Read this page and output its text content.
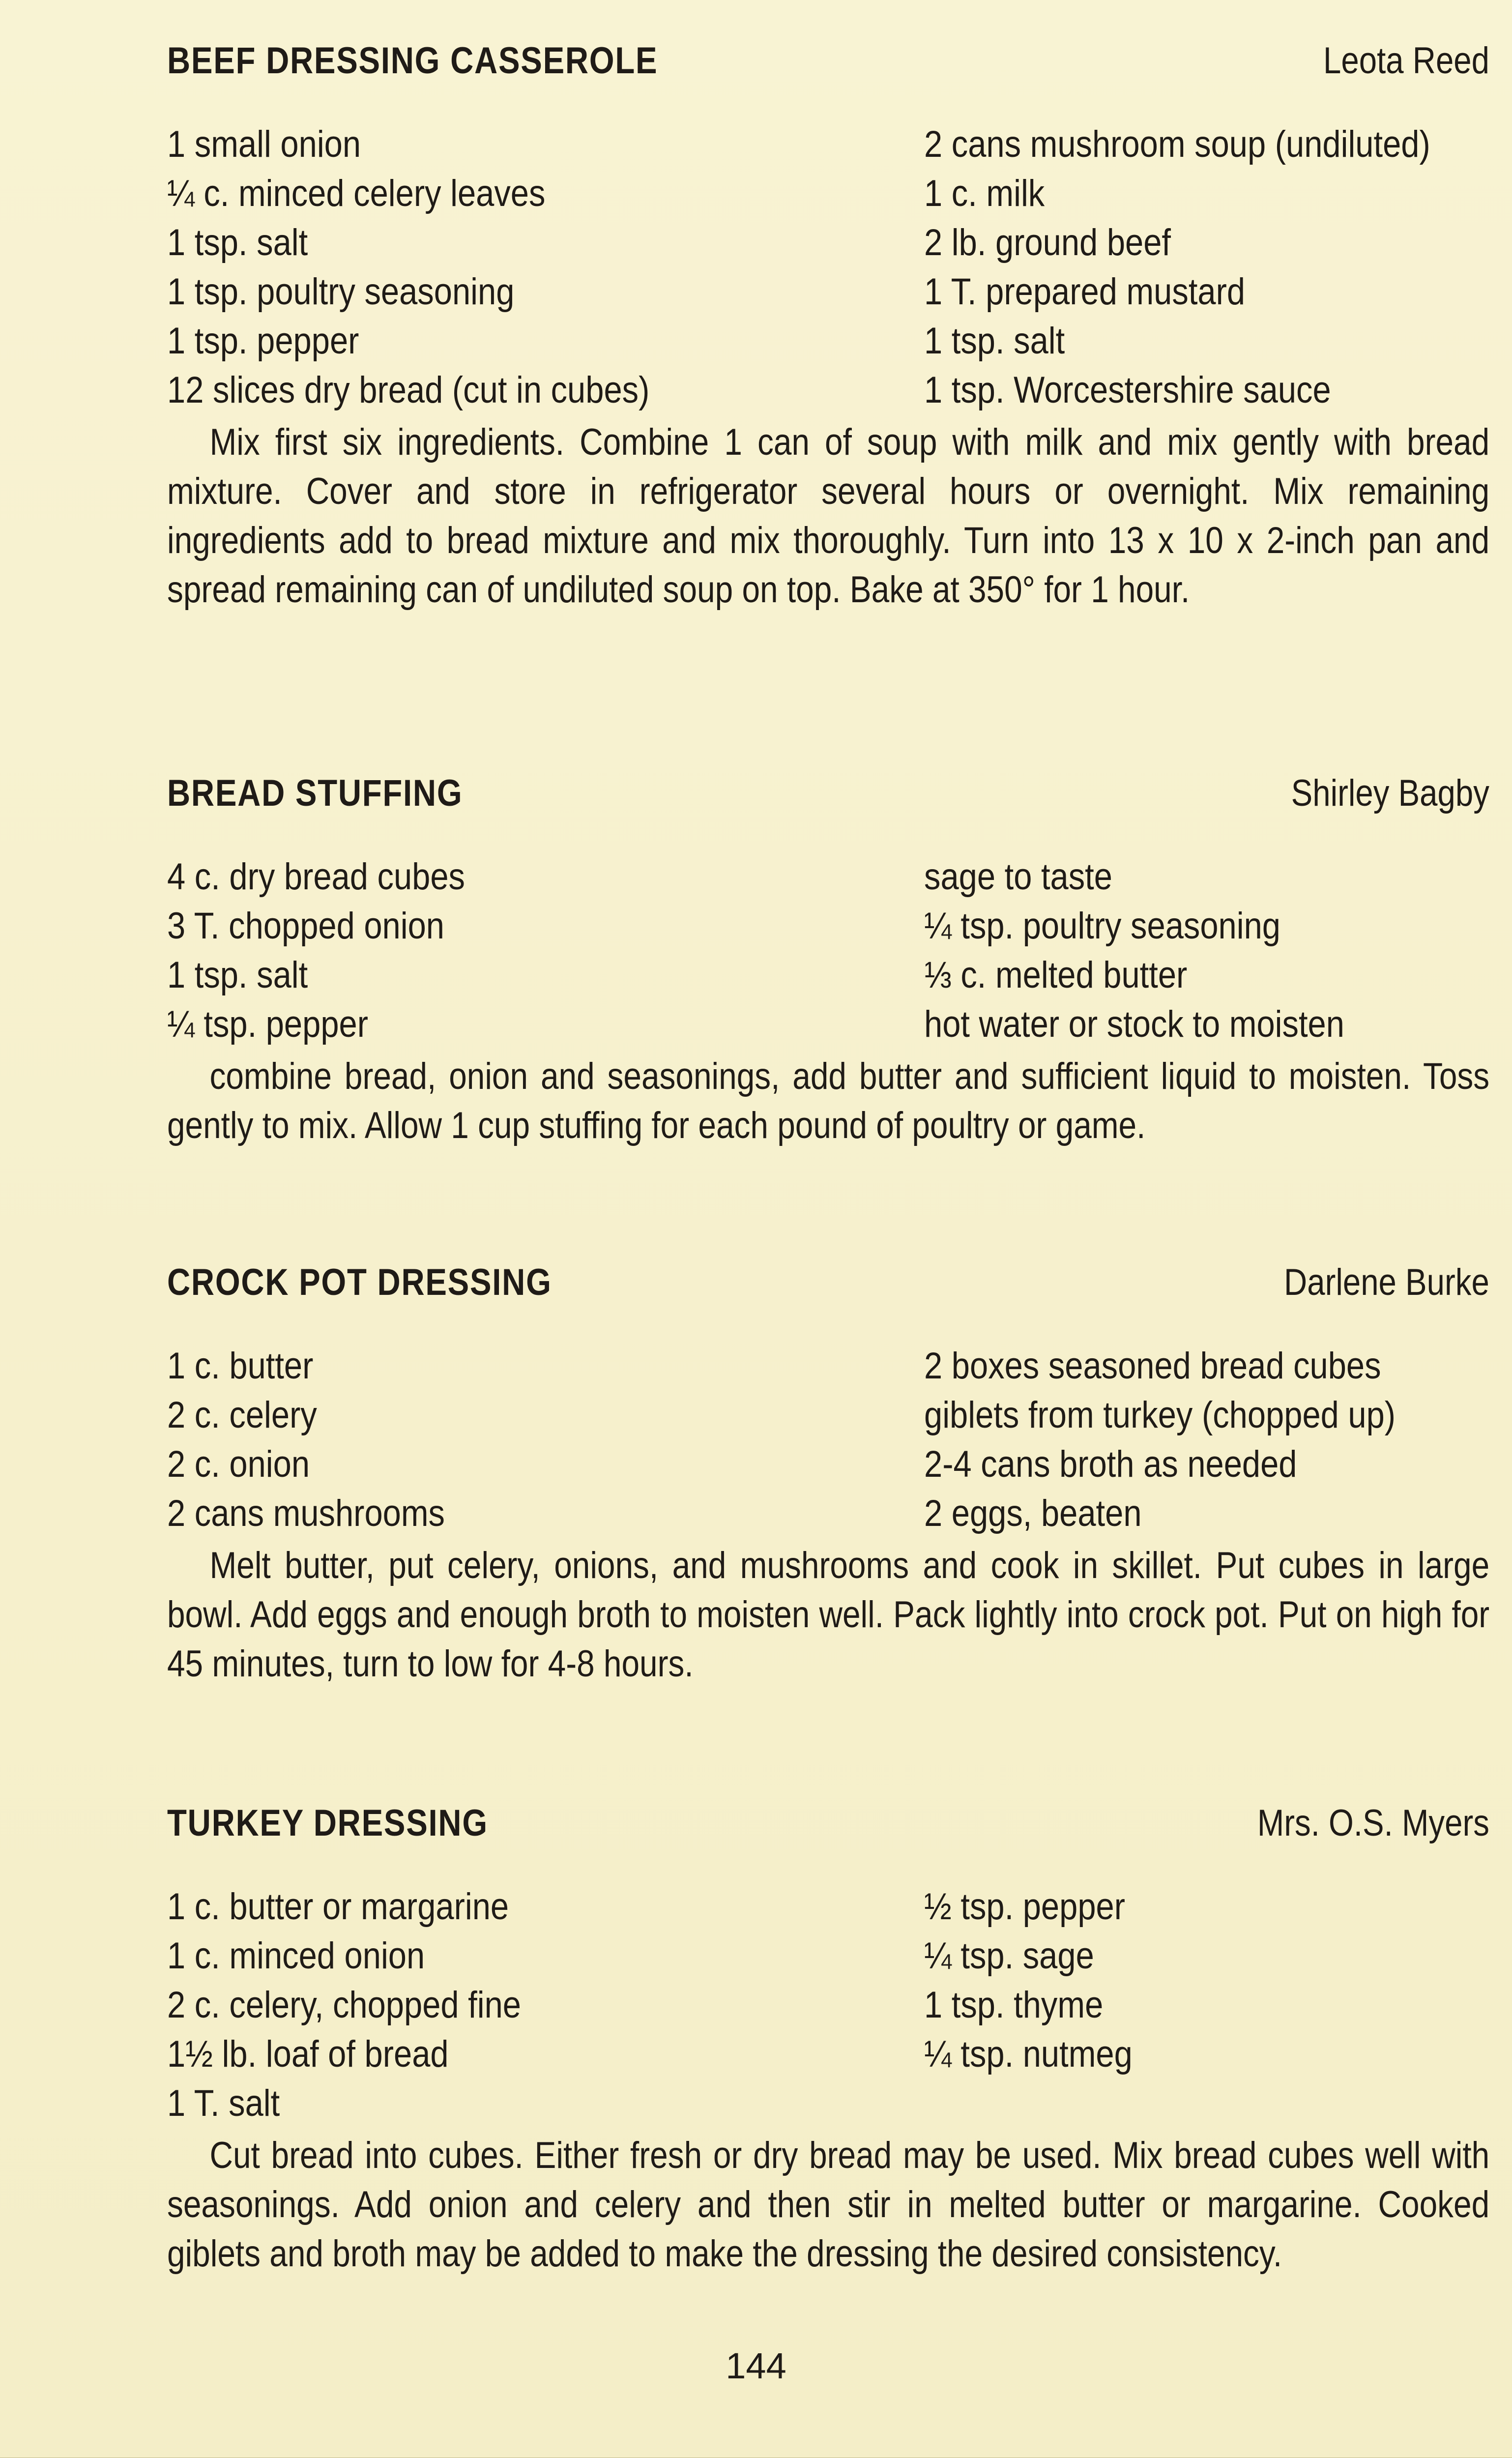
BEEF DRESSING CASSEROLE	Leota Reed
1 small onion	2 cans mushroom soup (undiluted)
¼ c. minced celery leaves	1 c. milk
1 tsp. salt	2 lb. ground beef
1 tsp. poultry seasoning	1 T. prepared mustard
1 tsp. pepper	1 tsp. salt
12 slices dry bread (cut in cubes)	1 tsp. Worcestershire sauce

Mix first six ingredients. Combine 1 can of soup with milk and mix gently with bread mixture. Cover and store in refrigerator several hours or overnight. Mix remaining ingredients add to bread mixture and mix thoroughly. Turn into 13 x 10 x 2-inch pan and spread remaining can of undiluted soup on top. Bake at 350° for 1 hour.

BREAD STUFFING	Shirley Bagby
4 c. dry bread cubes	sage to taste
3 T. chopped onion	¼ tsp. poultry seasoning
1 tsp. salt	⅓ c. melted butter
¼ tsp. pepper	hot water or stock to moisten

combine bread, onion and seasonings, add butter and sufficient liquid to moisten. Toss gently to mix. Allow 1 cup stuffing for each pound of poultry or game.

CROCK POT DRESSING	Darlene Burke
1 c. butter	2 boxes seasoned bread cubes
2 c. celery	giblets from turkey (chopped up)
2 c. onion	2-4 cans broth as needed
2 cans mushrooms	2 eggs, beaten

Melt butter, put celery, onions, and mushrooms and cook in skillet. Put cubes in large bowl. Add eggs and enough broth to moisten well. Pack lightly into crock pot. Put on high for 45 minutes, turn to low for 4-8 hours.

TURKEY DRESSING	Mrs. O.S. Myers
1 c. butter or margarine	½ tsp. pepper
1 c. minced onion	¼ tsp. sage
2 c. celery, chopped fine	1 tsp. thyme
1½ lb. loaf of bread	¼ tsp. nutmeg
1 T. salt

Cut bread into cubes. Either fresh or dry bread may be used. Mix bread cubes well with seasonings. Add onion and celery and then stir in melted butter or margarine. Cooked giblets and broth may be added to make the dressing the desired consistency.

144
